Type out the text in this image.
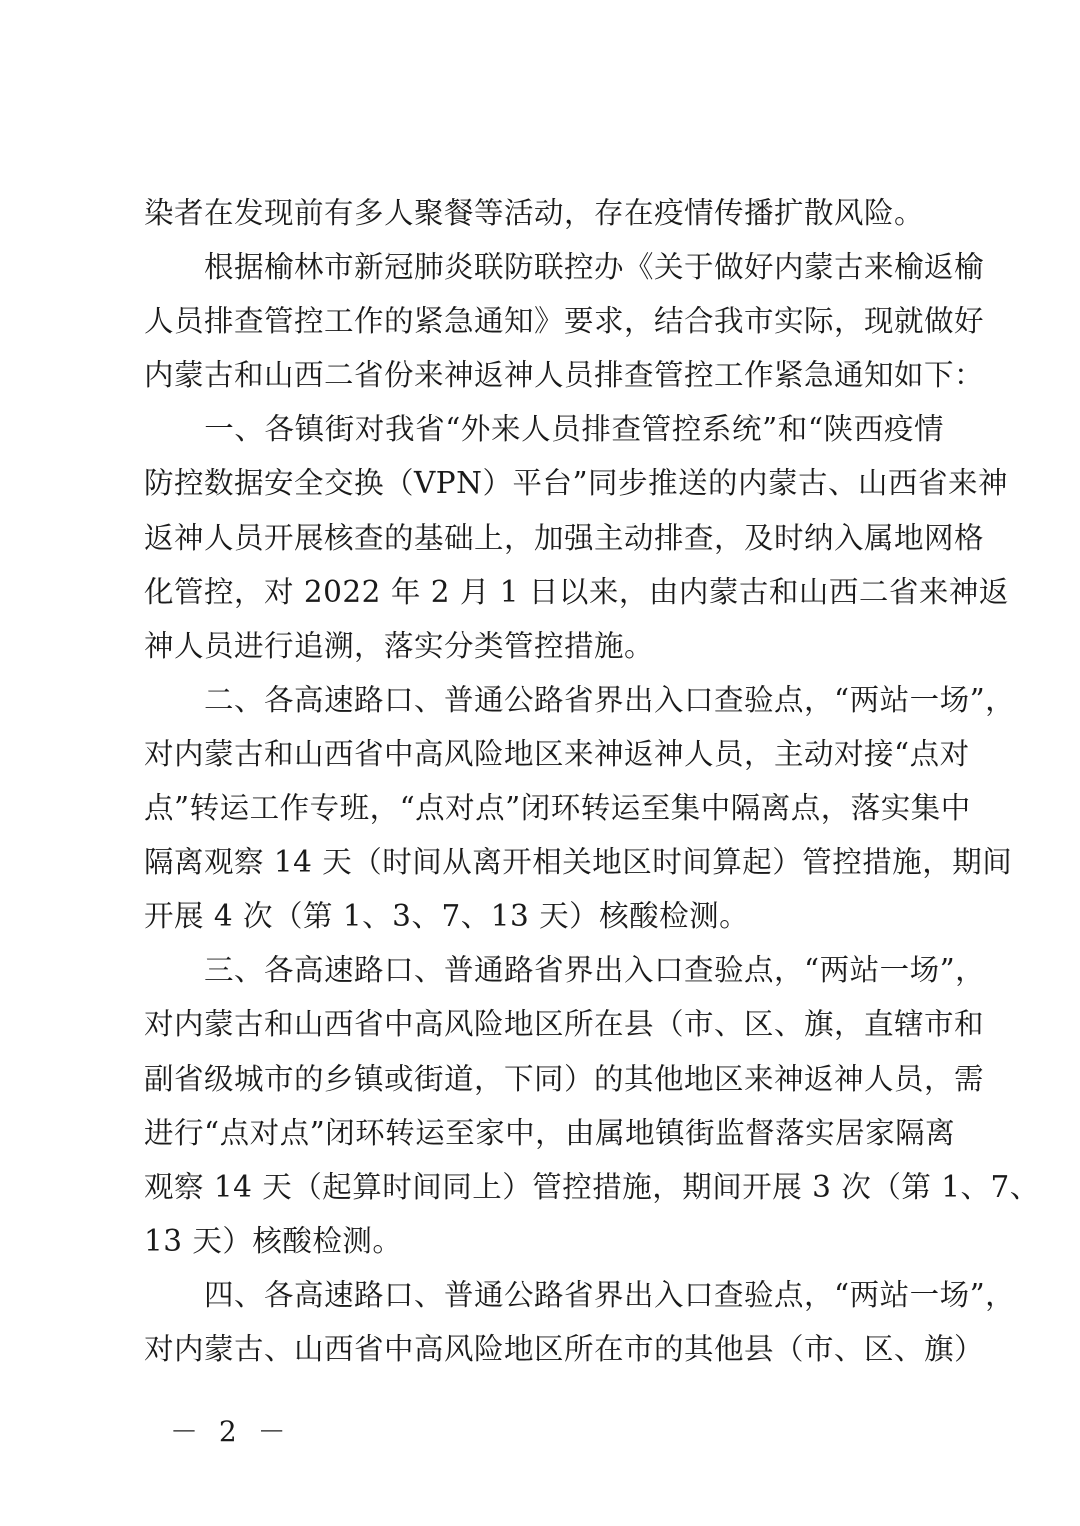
染者在发现前有多人聚餐等活动，存在疫情传播扩散风险。
　　根据榆林市新冠肺炎联防联控办《关于做好内蒙古来榆返榆
人员排查管控工作的紧急通知》要求，结合我市实际，现就做好
内蒙古和山西二省份来神返神人员排查管控工作紧急通知如下：
　　一、各镇街对我省“外来人员排查管控系统”和“陕西疫情
防控数据安全交换（VPN）平台”同步推送的内蒙古、山西省来神
返神人员开展核查的基础上，加强主动排查，及时纳入属地网格
化管控，对 2022 年 2 月 1 日以来，由内蒙古和山西二省来神返
神人员进行追溯，落实分类管控措施。
　　二、各高速路口、普通公路省界出入口查验点，“两站一场”，
对内蒙古和山西省中高风险地区来神返神人员，主动对接“点对
点”转运工作专班，“点对点”闭环转运至集中隔离点，落实集中
隔离观察 14 天（时间从离开相关地区时间算起）管控措施，期间
开展 4 次（第 1、3、7、13 天）核酸检测。
　　三、各高速路口、普通路省界出入口查验点，“两站一场”，
对内蒙古和山西省中高风险地区所在县（市、区、旗，直辖市和
副省级城市的乡镇或街道，下同）的其他地区来神返神人员，需
进行“点对点”闭环转运至家中，由属地镇街监督落实居家隔离
观察 14 天（起算时间同上）管控措施，期间开展 3 次（第 1、7、
13 天）核酸检测。
　　四、各高速路口、普通公路省界出入口查验点，“两站一场”，
对内蒙古、山西省中高风险地区所在市的其他县（市、区、旗）
－ 2 －
